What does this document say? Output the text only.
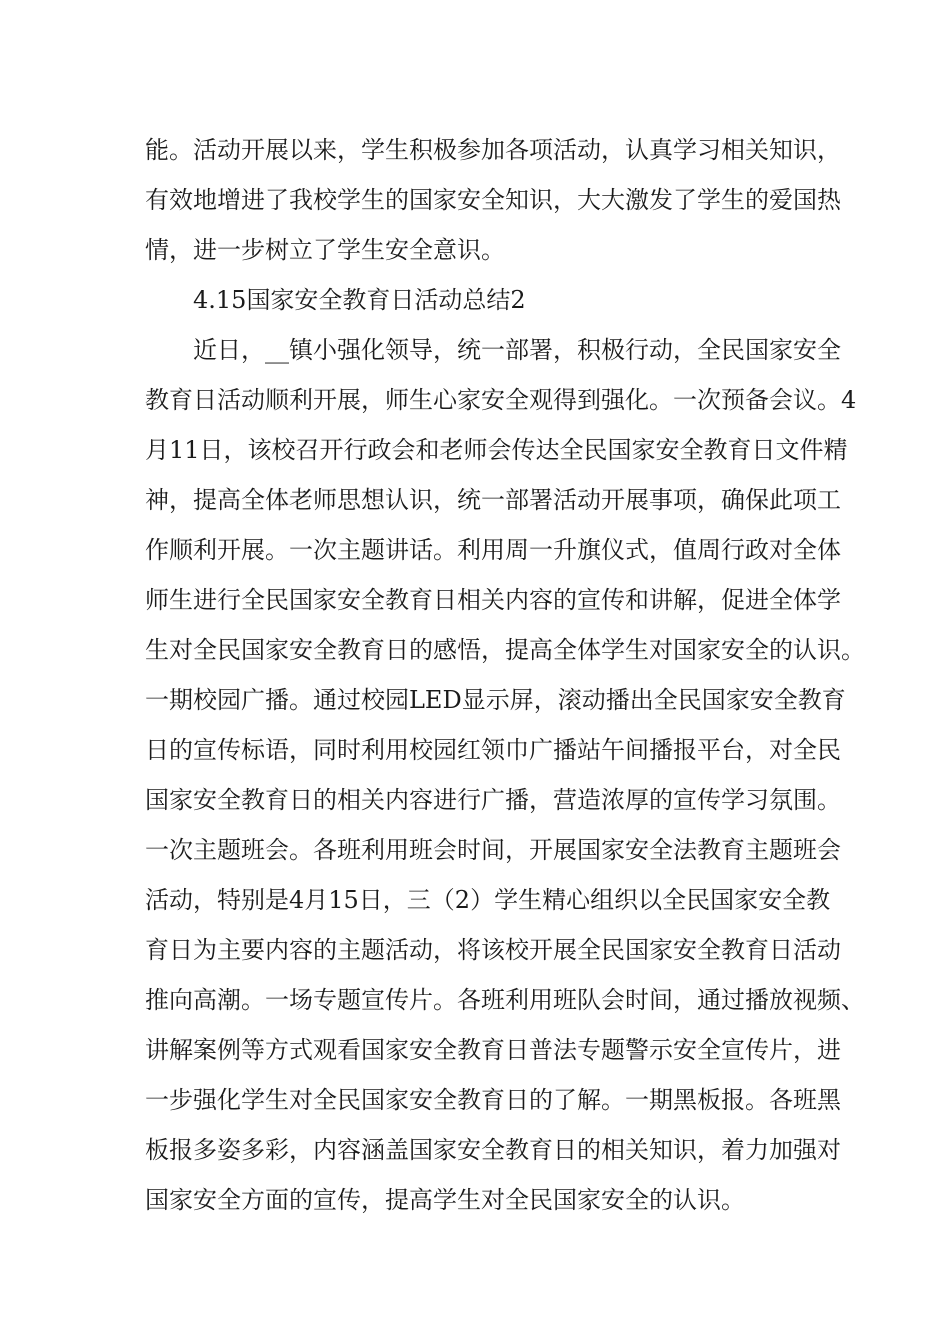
能。活动开展以来，学生积极参加各项活动，认真学习相关知识，
有效地增进了我校学生的国家安全知识，大大激发了学生的爱国热
情，进一步树立了学生安全意识。
4.15国家安全教育日活动总结2
近日，__镇小强化领导，统一部署，积极行动，全民国家安全
教育日活动顺利开展，师生心家安全观得到强化。一次预备会议。4
月11日，该校召开行政会和老师会传达全民国家安全教育日文件精
神，提高全体老师思想认识，统一部署活动开展事项，确保此项工
作顺利开展。一次主题讲话。利用周一升旗仪式，值周行政对全体
师生进行全民国家安全教育日相关内容的宣传和讲解，促进全体学
生对全民国家安全教育日的感悟，提高全体学生对国家安全的认识。
一期校园广播。通过校园LED显示屏，滚动播出全民国家安全教育
日的宣传标语，同时利用校园红领巾广播站午间播报平台，对全民
国家安全教育日的相关内容进行广播，营造浓厚的宣传学习氛围。
一次主题班会。各班利用班会时间，开展国家安全法教育主题班会
活动，特别是4月15日，三（2）学生精心组织以全民国家安全教
育日为主要内容的主题活动，将该校开展全民国家安全教育日活动
推向高潮。一场专题宣传片。各班利用班队会时间，通过播放视频、
讲解案例等方式观看国家安全教育日普法专题警示安全宣传片，进
一步强化学生对全民国家安全教育日的了解。一期黑板报。各班黑
板报多姿多彩，内容涵盖国家安全教育日的相关知识，着力加强对
国家安全方面的宣传，提高学生对全民国家安全的认识。
